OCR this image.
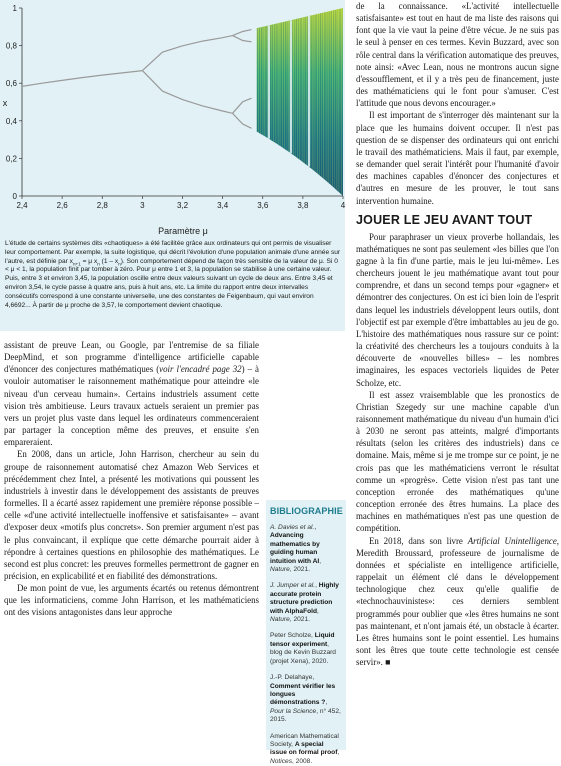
2,4	2,6	2,8	3	3,2	3,4	3,6	3,8	4
0
0,2
0,4
0,6
0,8
1
Paramètre μ
x

L'étude de certains systèmes dits «chaotiques» a été facilitée grâce aux ordinateurs qui ont permis de visualiser leur comportement. Par exemple, la suite logistique, qui décrit l'évolution d'une population animale d'une année sur l'autre, est définie par $x_{n+1} = \mu$ $x_n$ $(1 - x_n)$. Son comportement dépend de façon très sensible de la valeur de μ. Si 0 < μ < 1, la population finit par tomber à zéro. Pour μ entre 1 et 3, la population se stabilise à une certaine valeur. Puis, entre 3 et environ 3,45, la population oscille entre deux valeurs suivant un cycle de deux ans. Entre 3,45 et environ 3,54, le cycle passe à quatre ans, puis à huit ans, etc. La limite du rapport entre deux intervalles consécutifs correspond à une constante universelle, une des constantes de Feigenbaum, qui vaut environ 4,6692... À partir de μ proche de 3,57, le comportement devient chaotique.

assistant de preuve Lean, ou Google, par l'entremise de sa filiale DeepMind, et son programme d'intelligence artificielle capable d'énoncer des conjectures mathématiques (voir l'encadré page 32) – à vouloir automatiser le raisonnement mathématique pour atteindre «le niveau d'un cerveau humain». Certains industriels assument cette vision très ambitieuse. Leurs travaux actuels seraient un premier pas vers un projet plus vaste dans lequel les ordinateurs commenceraient par partager la conception même des preuves, et ensuite s'en empareraient.

En 2008, dans un article, John Harrison, chercheur au sein du groupe de raisonnement automatisé chez Amazon Web Services et précédemment chez Intel, a présenté les motivations qui poussent les industriels à investir dans le développement des assistants de preuves formelles. Il a écarté assez rapidement une première réponse possible – celle «d'une activité intellectuelle inoffensive et satisfaisante» – avant d'exposer deux «motifs plus concrets». Son premier argument n'est pas le plus convaincant, il explique que cette démarche pourrait aider à répondre à certaines questions en philosophie des mathématiques. Le second est plus concret: les preuves formelles permettront de gagner en précision, en explicabilité et en fiabilité des démonstrations.

De mon point de vue, les arguments écartés ou retenus démontrent que les informaticiens, comme John Harrison, et les mathématiciens ont des visions antagonistes dans leur approche

BIBLIOGRAPHIE
A. Davies et al., Advancing mathematics by guiding human intuition with AI, Nature, 2021.
J. Jumper et al., Highly accurate protein structure prediction with AlphaFold, Nature, 2021.
Peter Scholze, Liquid tensor experiment, blog de Kevin Buzzard (projet Xena), 2020.
J.-P. Delahaye, Comment vérifier les longues démonstrations ?, Pour la Science, n° 452, 2015.
American Mathematical Society, A special issue on formal proof, Notices, 2008.

de la connaissance. «L'activité intellectuelle satisfaisante» est tout en haut de ma liste des raisons qui font que la vie vaut la peine d'être vécue. Je ne suis pas le seul à penser en ces termes. Kevin Buzzard, avec son rôle central dans la vérification automatique des preuves, note ainsi: «Avec Lean, nous ne montrons aucun signe d'essoufflement, et il y a très peu de financement, juste des mathématiciens qui le font pour s'amuser. C'est l'attitude que nous devons encourager.»

Il est important de s'interroger dès maintenant sur la place que les humains doivent occuper. Il n'est pas question de se dispenser des ordinateurs qui ont enrichi le travail des mathématiciens. Mais il faut, par exemple, se demander quel serait l'intérêt pour l'humanité d'avoir des machines capables d'énoncer des conjectures et d'autres en mesure de les prouver, le tout sans intervention humaine.

JOUER LE JEU AVANT TOUT

Pour paraphraser un vieux proverbe hollandais, les mathématiques ne sont pas seulement «les billes que l'on gagne à la fin d'une partie, mais le jeu lui-même». Les chercheurs jouent le jeu mathématique avant tout pour comprendre, et dans un second temps pour «gagner» et démontrer des conjectures. On est ici bien loin de l'esprit dans lequel les industriels développent leurs outils, dont l'objectif est par exemple d'être imbattables au jeu de go. L'histoire des mathématiques nous rassure sur ce point: la créativité des chercheurs les a toujours conduits à la découverte de «nouvelles billes» – les nombres imaginaires, les espaces vectoriels liquides de Peter Scholze, etc.

Il est assez vraisemblable que les pronostics de Christian Szegedy sur une machine capable d'un raisonnement mathématique du niveau d'un humain d'ici à 2030 ne seront pas atteints, malgré d'importants résultats (selon les critères des industriels) dans ce domaine. Mais, même si je me trompe sur ce point, je ne crois pas que les mathématiciens verront le résultat comme un «progrès». Cette vision n'est pas tant une conception erronée des mathématiques qu'une conception erronée des êtres humains. La place des machines en mathématiques n'est pas une question de compétition.

En 2018, dans son livre Artificial Unintelligence, Meredith Broussard, professeure de journalisme de données et spécialiste en intelligence artificielle, rappelait un élément clé dans le développement technologique chez ceux qu'elle qualifie de «technochauvinistes»: ces derniers semblent programmés pour oublier que «les êtres humains ne sont pas maintenant, et n'ont jamais été, un obstacle à écarter. Les êtres humains sont le point essentiel. Les humains sont les êtres que toute cette technologie est censée servir». ■
